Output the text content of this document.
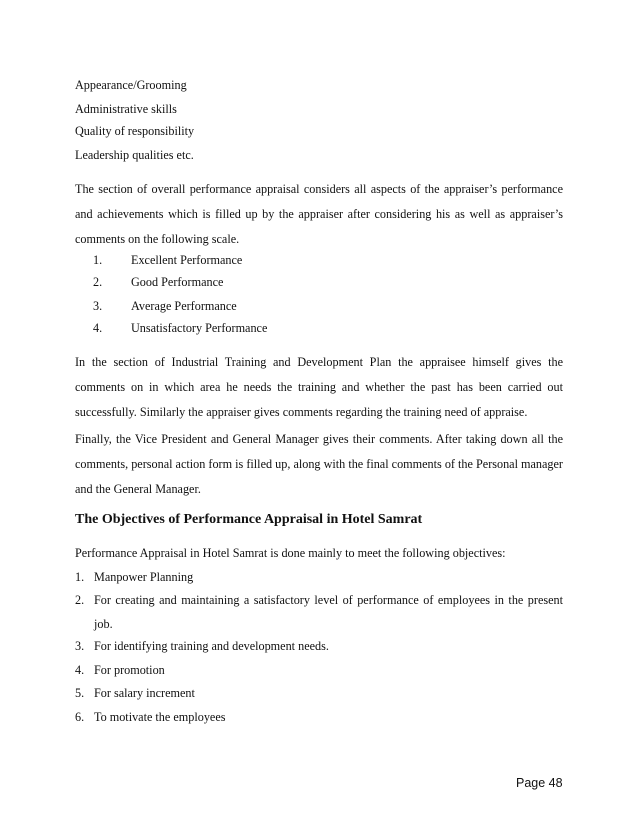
Appearance/Grooming
Administrative skills
Quality of responsibility
Leadership qualities etc.
The section of overall performance appraisal considers all aspects of the appraiser’s performance and achievements which is filled up by the appraiser after considering his as well as appraiser’s comments on the following scale.
1. Excellent Performance
2. Good Performance
3. Average Performance
4. Unsatisfactory Performance
In the section of Industrial Training and Development Plan the appraisee himself gives the comments on in which area he needs the training and whether the past has been carried out successfully. Similarly the appraiser gives comments regarding the training need of appraise.
Finally, the Vice President and General Manager gives their comments. After taking down all the comments, personal action form is filled up, along with the final comments of the Personal manager and the General Manager.
The Objectives of Performance Appraisal in Hotel Samrat
Performance Appraisal in Hotel Samrat is done mainly to meet the following objectives:
1. Manpower Planning
2. For creating and maintaining a satisfactory level of performance of employees in the present job.
3. For identifying training and development needs.
4. For promotion
5. For salary increment
6. To motivate the employees
Page 48
